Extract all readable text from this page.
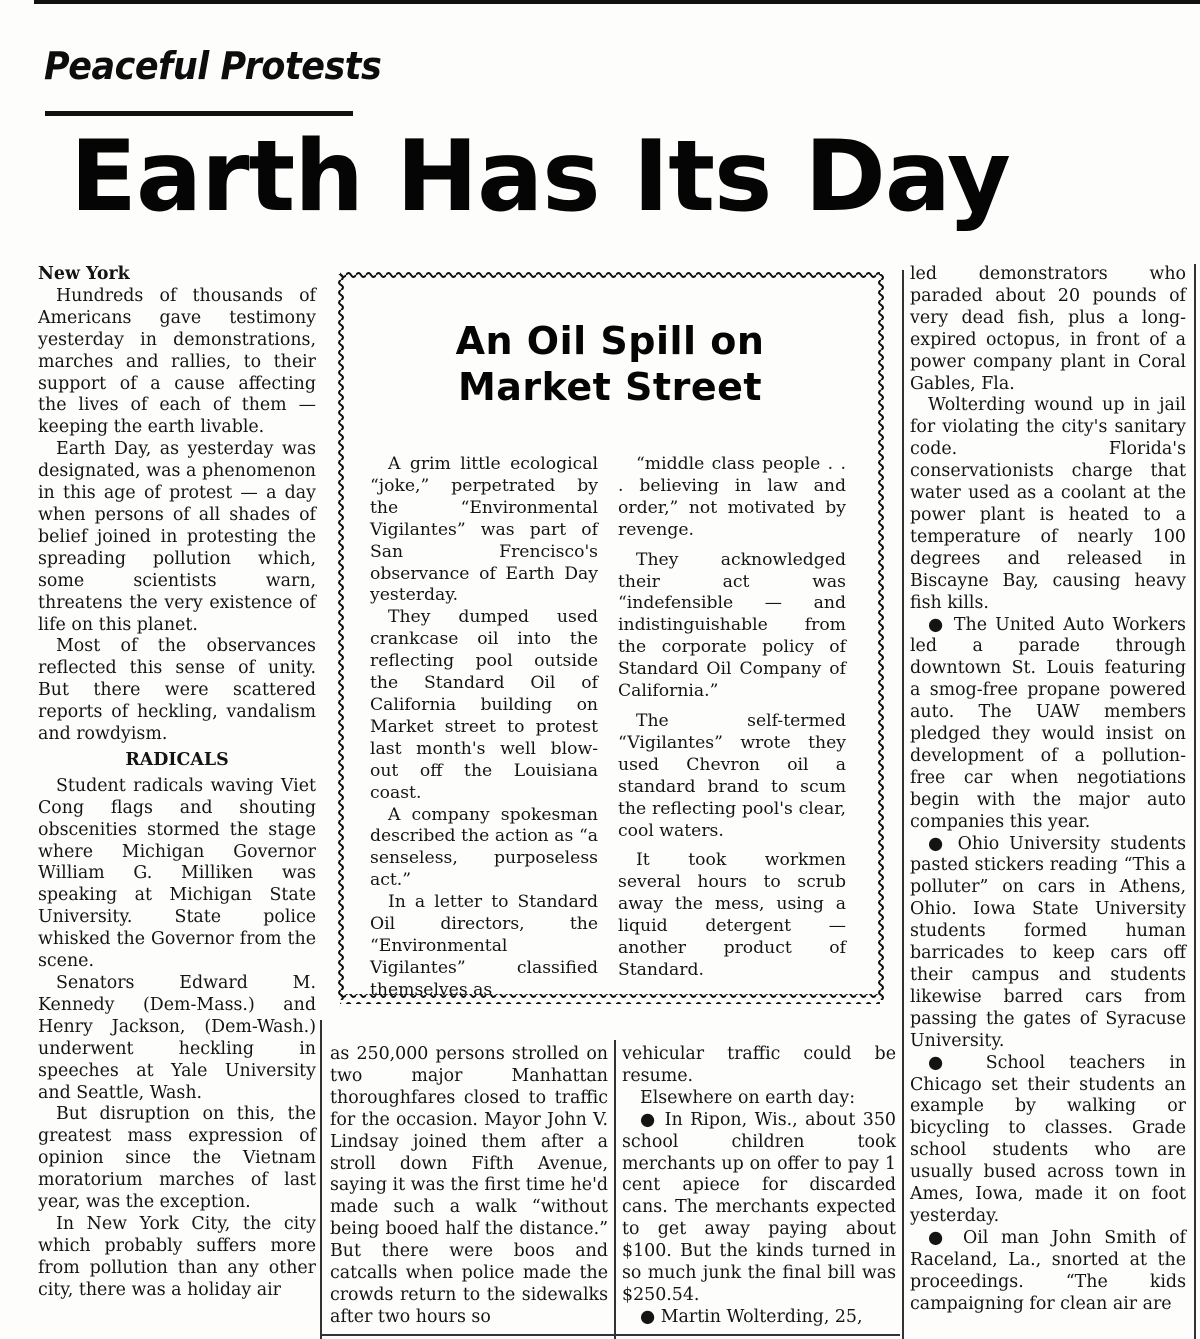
Peaceful Protests
Earth Has Its Day

New York

Hundreds of thousands of Americans gave testimony yesterday in demonstrations, marches and rallies, to their support of a cause affecting the lives of each of them — keeping the earth livable.

Earth Day, as yesterday was designated, was a phenomenon in this age of protest — a day when persons of all shades of belief joined in protesting the spreading pollution which, some scientists warn, threatens the very existence of life on this planet.

Most of the observances reflected this sense of unity. But there were scattered reports of heckling, vandalism and rowdyism.

RADICALS

Student radicals waving Viet Cong flags and shouting obscenities stormed the stage where Michigan Governor William G. Milliken was speaking at Michigan State University. State police whisked the Governor from the scene.

Senators Edward M. Kennedy (Dem-Mass.) and Henry Jackson, (Dem-Wash.) underwent heckling in speeches at Yale University and Seattle, Wash.

But disruption on this, the greatest mass expression of opinion since the Vietnam moratorium marches of last year, was the exception.

In New York City, the city which probably suffers more from pollution than any other city, there was a holiday air

An Oil Spill on
Market Street

A grim little ecological “joke,” perpetrated by the “Environmental Vigilantes” was part of San Frencisco's observance of Earth Day yesterday.

They dumped used crankcase oil into the reflecting pool outside the Standard Oil of California building on Market street to protest last month's well blow-out off the Louisiana coast.

A company spokesman described the action as “a senseless, purposeless act.”

In a letter to Standard Oil directors, the “Environmental Vigilantes” classified themselves as

“middle class people . . . believing in law and order,” not motivated by revenge.

They acknowledged their act was “indefensible — and indistinguishable from the corporate policy of Standard Oil Company of California.”

The self-termed “Vigilantes” wrote they used Chevron oil a standard brand to scum the reflecting pool's clear, cool waters.

It took workmen several hours to scrub away the mess, using a liquid detergent — another product of Standard.

as 250,000 persons strolled on two major Manhattan thoroughfares closed to traffic for the occasion. Mayor John V. Lindsay joined them after a stroll down Fifth Avenue, saying it was the first time he'd made such a walk “without being booed half the distance.” But there were boos and catcalls when police made the crowds return to the sidewalks after two hours so

vehicular traffic could be resume.

Elsewhere on earth day:

● In Ripon, Wis., about 350 school children took merchants up on offer to pay 1 cent apiece for discarded cans. The merchants expected to get away paying about $100. But the kinds turned in so much junk the final bill was $250.54.

● Martin Wolterding, 25,

led demonstrators who paraded about 20 pounds of very dead fish, plus a long-expired octopus, in front of a power company plant in Coral Gables, Fla.

Wolterding wound up in jail for violating the city's sanitary code. Florida's conservationists charge that water used as a coolant at the power plant is heated to a temperature of nearly 100 degrees and released in Biscayne Bay, causing heavy fish kills.

● The United Auto Workers led a parade through downtown St. Louis featuring a smog-free propane powered auto. The UAW members pledged they would insist on development of a pollution-free car when negotiations begin with the major auto companies this year.

● Ohio University students pasted stickers reading “This a polluter” on cars in Athens, Ohio. Iowa State University students formed human barricades to keep cars off their campus and students likewise barred cars from passing the gates of Syracuse University.

● School teachers in Chicago set their students an example by walking or bicycling to classes. Grade school students who are usually bused across town in Ames, Iowa, made it on foot yesterday.

● Oil man John Smith of Raceland, La., snorted at the proceedings. “The kids campaigning for clean air are
